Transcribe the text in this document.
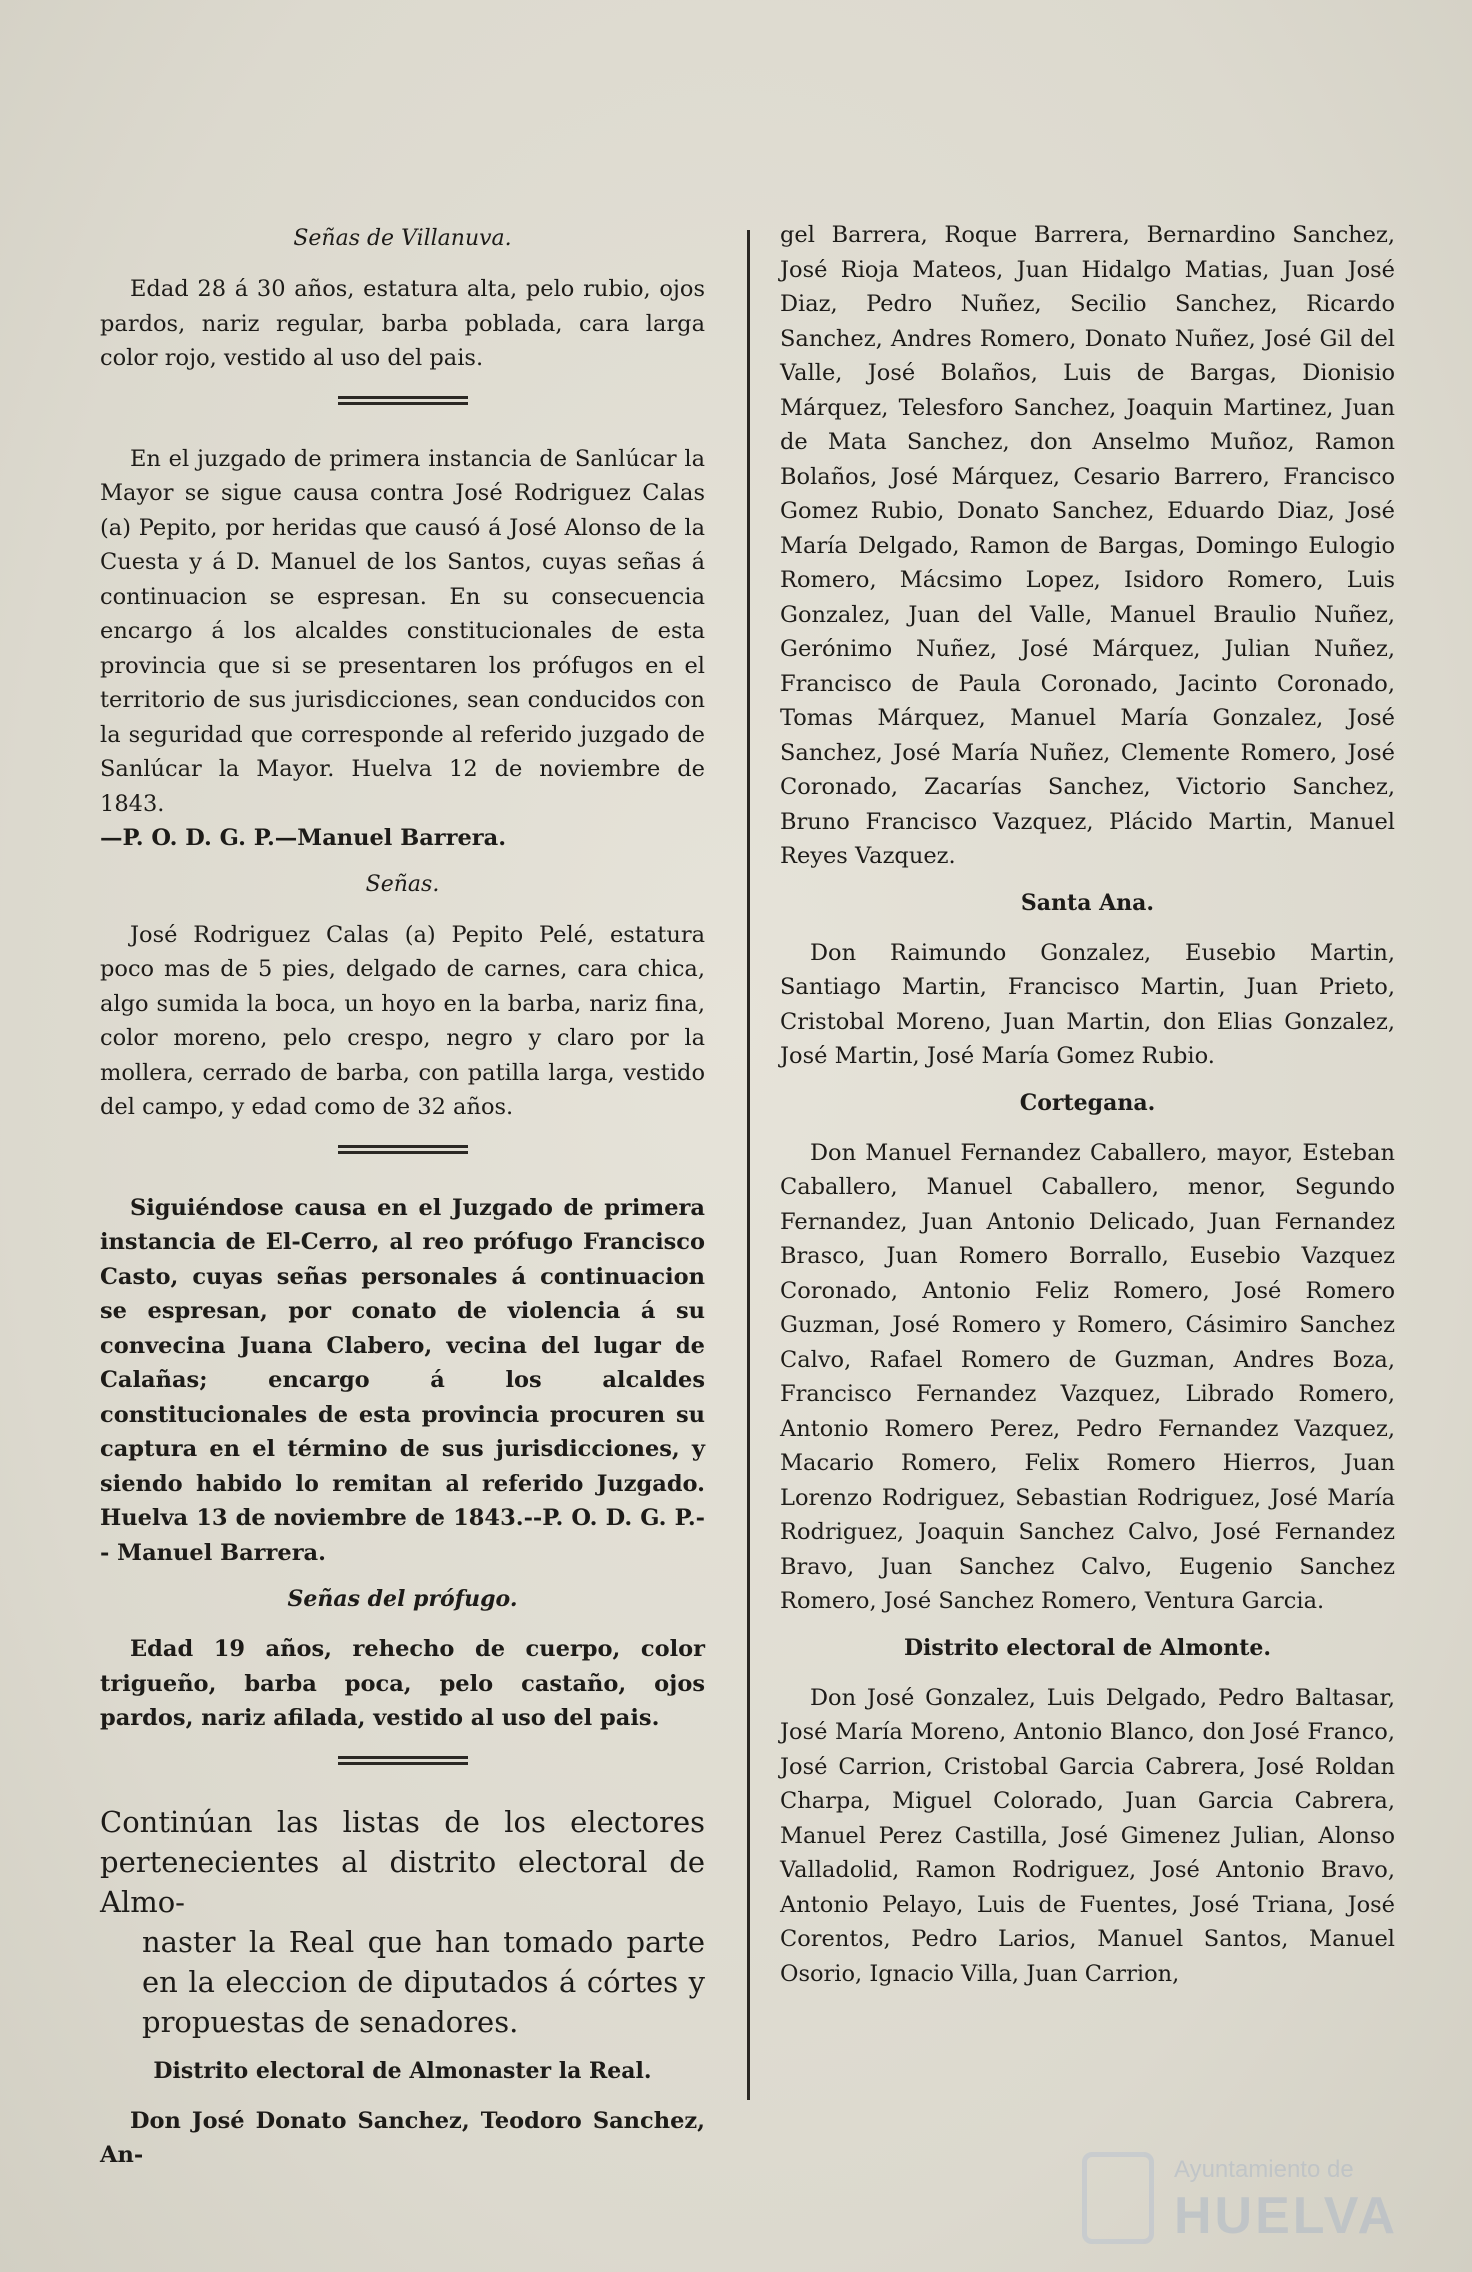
Señas de Villanuva.

Edad 28 á 30 años, estatura alta, pelo rubio, ojos pardos, nariz regular, barba poblada, cara larga color rojo, vestido al uso del pais.

En el juzgado de primera instancia de Sanlúcar la Mayor se sigue causa contra José Rodriguez Calas (a) Pepito, por heridas que causó á José Alonso de la Cuesta y á D. Manuel de los Santos, cuyas señas á continuacion se espresan. En su consecuencia encargo á los alcaldes constitucionales de esta provincia que si se presentaren los prófugos en el territorio de sus jurisdicciones, sean conducidos con la seguridad que corresponde al referido juzgado de Sanlúcar la Mayor. Huelva 12 de noviembre de 1843.

—P. O. D. G. P.—Manuel Barrera.

Señas.

José Rodriguez Calas (a) Pepito Pelé, estatura poco mas de 5 pies, delgado de carnes, cara chica, algo sumida la boca, un hoyo en la barba, nariz fina, color moreno, pelo crespo, negro y claro por la mollera, cerrado de barba, con patilla larga, vestido del campo, y edad como de 32 años.

Siguiéndose causa en el Juzgado de primera instancia de El-Cerro, al reo prófugo Francisco Casto, cuyas señas personales á continuacion se espresan, por conato de violencia á su convecina Juana Clabero, vecina del lugar de Calañas; encargo á los alcaldes constitucionales de esta provincia procuren su captura en el término de sus jurisdicciones, y siendo habido lo remitan al referido Juzgado. Huelva 13 de noviembre de 1843.--P. O. D. G. P.-- Manuel Barrera.

Señas del prófugo.

Edad 19 años, rehecho de cuerpo, color trigueño, barba poca, pelo castaño, ojos pardos, nariz afilada, vestido al uso del pais.

Continúan las listas de los electores pertenecientes al distrito electoral de Almo-
naster la Real que han tomado parte en la eleccion de diputados á córtes y propuestas de senadores.
Distrito electoral de Almonaster la Real.

Don José Donato Sanchez, Teodoro Sanchez, An-

gel Barrera, Roque Barrera, Bernardino Sanchez, José Rioja Mateos, Juan Hidalgo Matias, Juan José Diaz, Pedro Nuñez, Secilio Sanchez, Ricardo Sanchez, Andres Romero, Donato Nuñez, José Gil del Valle, José Bolaños, Luis de Bargas, Dionisio Márquez, Telesforo Sanchez, Joaquin Martinez, Juan de Mata Sanchez, don Anselmo Muñoz, Ramon Bolaños, José Márquez, Cesario Barrero, Francisco Gomez Rubio, Donato Sanchez, Eduardo Diaz, José María Delgado, Ramon de Bargas, Domingo Eulogio Romero, Mácsimo Lopez, Isidoro Romero, Luis Gonzalez, Juan del Valle, Manuel Braulio Nuñez, Gerónimo Nuñez, José Márquez, Julian Nuñez, Francisco de Paula Coronado, Jacinto Coronado, Tomas Márquez, Manuel María Gonzalez, José Sanchez, José María Nuñez, Clemente Romero, José Coronado, Zacarías Sanchez, Victorio Sanchez, Bruno Francisco Vazquez, Plácido Martin, Manuel Reyes Vazquez.

Santa Ana.

Don Raimundo Gonzalez, Eusebio Martin, Santiago Martin, Francisco Martin, Juan Prieto, Cristobal Moreno, Juan Martin, don Elias Gonzalez, José Martin, José María Gomez Rubio.

Cortegana.

Don Manuel Fernandez Caballero, mayor, Esteban Caballero, Manuel Caballero, menor, Segundo Fernandez, Juan Antonio Delicado, Juan Fernandez Brasco, Juan Romero Borrallo, Eusebio Vazquez Coronado, Antonio Feliz Romero, José Romero Guzman, José Romero y Romero, Cásimiro Sanchez Calvo, Rafael Romero de Guzman, Andres Boza, Francisco Fernandez Vazquez, Librado Romero, Antonio Romero Perez, Pedro Fernandez Vazquez, Macario Romero, Felix Romero Hierros, Juan Lorenzo Rodriguez, Sebastian Rodriguez, José María Rodriguez, Joaquin Sanchez Calvo, José Fernandez Bravo, Juan Sanchez Calvo, Eugenio Sanchez Romero, José Sanchez Romero, Ventura Garcia.

Distrito electoral de Almonte.

Don José Gonzalez, Luis Delgado, Pedro Baltasar, José María Moreno, Antonio Blanco, don José Franco, José Carrion, Cristobal Garcia Cabrera, José Roldan Charpa, Miguel Colorado, Juan Garcia Cabrera, Manuel Perez Castilla, José Gimenez Julian, Alonso Valladolid, Ramon Rodriguez, José Antonio Bravo, Antonio Pelayo, Luis de Fuentes, José Triana, José Corentos, Pedro Larios, Manuel Santos, Manuel Osorio, Ignacio Villa, Juan Carrion,

Ayuntamiento de
HUELVA
